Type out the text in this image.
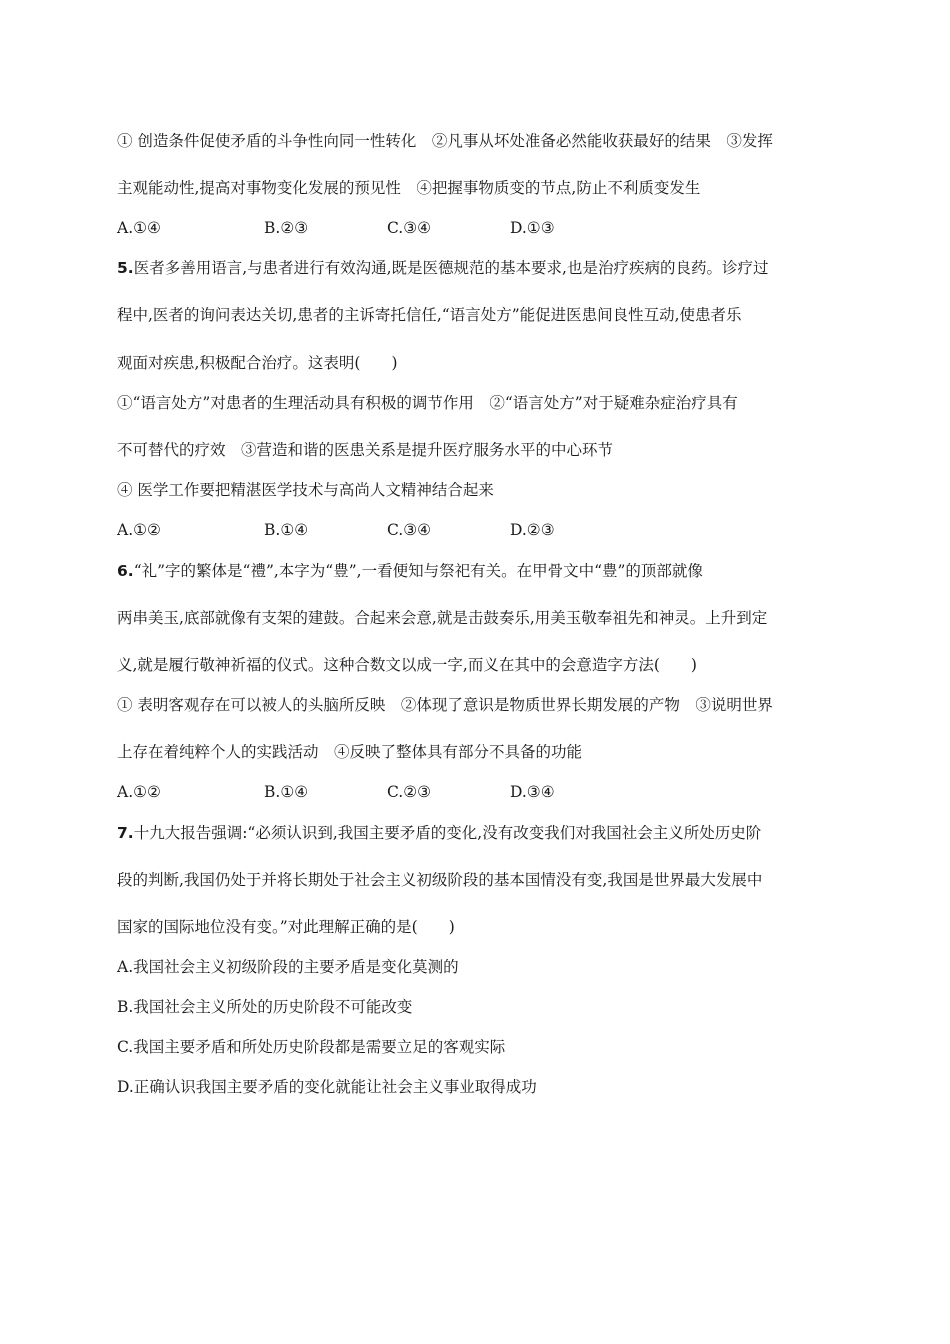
① 创造条件促使矛盾的斗争性向同一性转化　②凡事从坏处准备必然能收获最好的结果　③发挥
主观能动性,提高对事物变化发展的预见性　④把握事物质变的节点,防止不利质变发生
A.①④	B.②③	C.③④	D.①③
5.医者多善用语言,与患者进行有效沟通,既是医德规范的基本要求,也是治疗疾病的良药。诊疗过
程中,医者的询问表达关切,患者的主诉寄托信任,“语言处方”能促进医患间良性互动,使患者乐
观面对疾患,积极配合治疗。这表明(　　)
①“语言处方”对患者的生理活动具有积极的调节作用　②“语言处方”对于疑难杂症治疗具有
不可替代的疗效　③营造和谐的医患关系是提升医疗服务水平的中心环节
④ 医学工作要把精湛医学技术与高尚人文精神结合起来
A.①②	B.①④	C.③④	D.②③
6.“礼”字的繁体是“禮”,本字为“豊”,一看便知与祭祀有关。在甲骨文中“豊”的顶部就像
两串美玉,底部就像有支架的建鼓。合起来会意,就是击鼓奏乐,用美玉敬奉祖先和神灵。上升到定
义,就是履行敬神祈福的仪式。这种合数文以成一字,而义在其中的会意造字方法(　　)
① 表明客观存在可以被人的头脑所反映　②体现了意识是物质世界长期发展的产物　③说明世界
上存在着纯粹个人的实践活动　④反映了整体具有部分不具备的功能
A.①②	B.①④	C.②③	D.③④
7.十九大报告强调:“必须认识到,我国主要矛盾的变化,没有改变我们对我国社会主义所处历史阶
段的判断,我国仍处于并将长期处于社会主义初级阶段的基本国情没有变,我国是世界最大发展中
国家的国际地位没有变。”对此理解正确的是(　　)
A.我国社会主义初级阶段的主要矛盾是变化莫测的
B.我国社会主义所处的历史阶段不可能改变
C.我国主要矛盾和所处历史阶段都是需要立足的客观实际
D.正确认识我国主要矛盾的变化就能让社会主义事业取得成功
